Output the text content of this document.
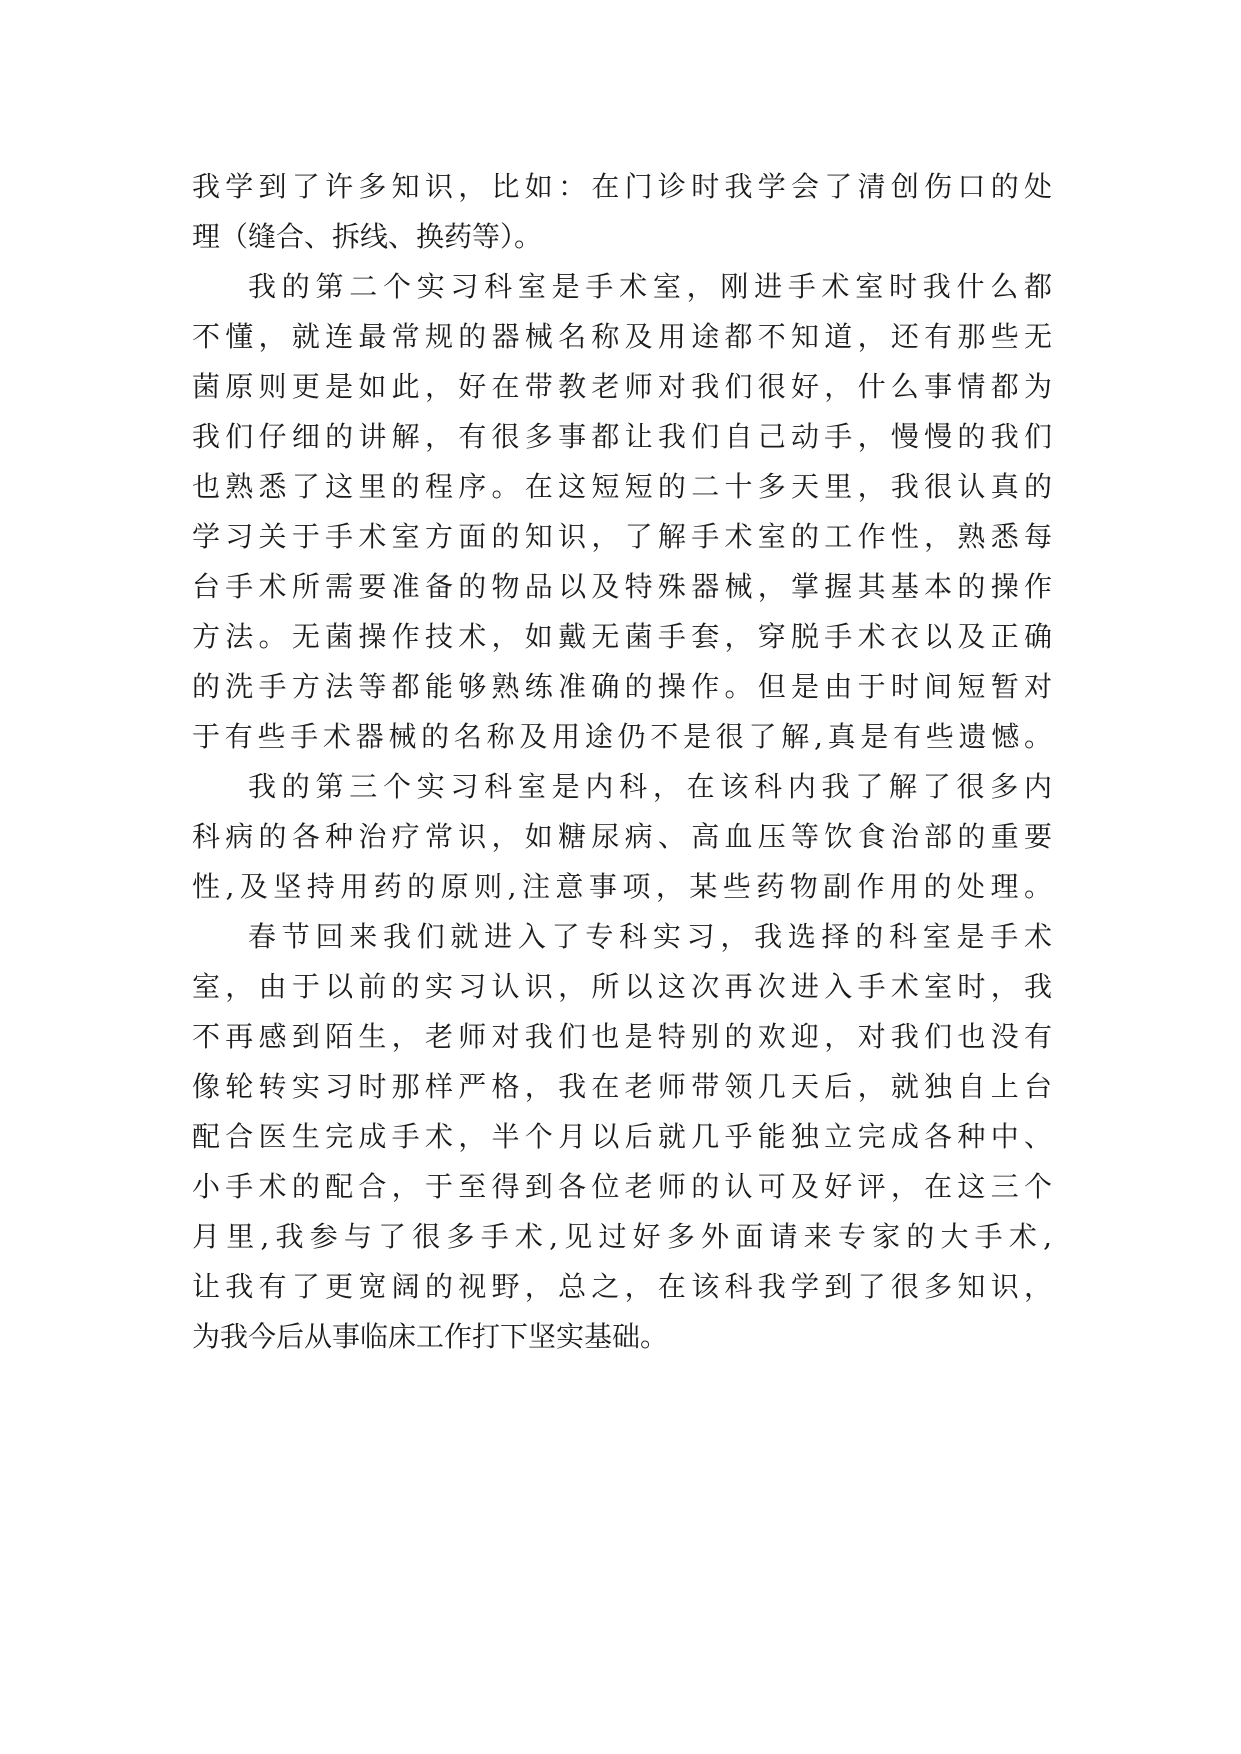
我学到了许多知识，比如：在门诊时我学会了清创伤口的处
理（缝合、拆线、换药等）。
我的第二个实习科室是手术室，刚进手术室时我什么都
不懂，就连最常规的器械名称及用途都不知道，还有那些无
菌原则更是如此，好在带教老师对我们很好，什么事情都为
我们仔细的讲解，有很多事都让我们自己动手，慢慢的我们
也熟悉了这里的程序。在这短短的二十多天里，我很认真的
学习关于手术室方面的知识，了解手术室的工作性，熟悉每
台手术所需要准备的物品以及特殊器械，掌握其基本的操作
方法。无菌操作技术，如戴无菌手套，穿脱手术衣以及正确
的洗手方法等都能够熟练准确的操作。但是由于时间短暂对
于有些手术器械的名称及用途仍不是很了解,真是有些遗憾。
我的第三个实习科室是内科，在该科内我了解了很多内
科病的各种治疗常识，如糖尿病、高血压等饮食治部的重要
性,及坚持用药的原则,注意事项，某些药物副作用的处理。
春节回来我们就进入了专科实习，我选择的科室是手术
室，由于以前的实习认识，所以这次再次进入手术室时，我
不再感到陌生，老师对我们也是特别的欢迎，对我们也没有
像轮转实习时那样严格，我在老师带领几天后，就独自上台
配合医生完成手术，半个月以后就几乎能独立完成各种中、
小手术的配合，于至得到各位老师的认可及好评，在这三个
月里,我参与了很多手术,见过好多外面请来专家的大手术,
让我有了更宽阔的视野，总之，在该科我学到了很多知识，
为我今后从事临床工作打下坚实基础。
